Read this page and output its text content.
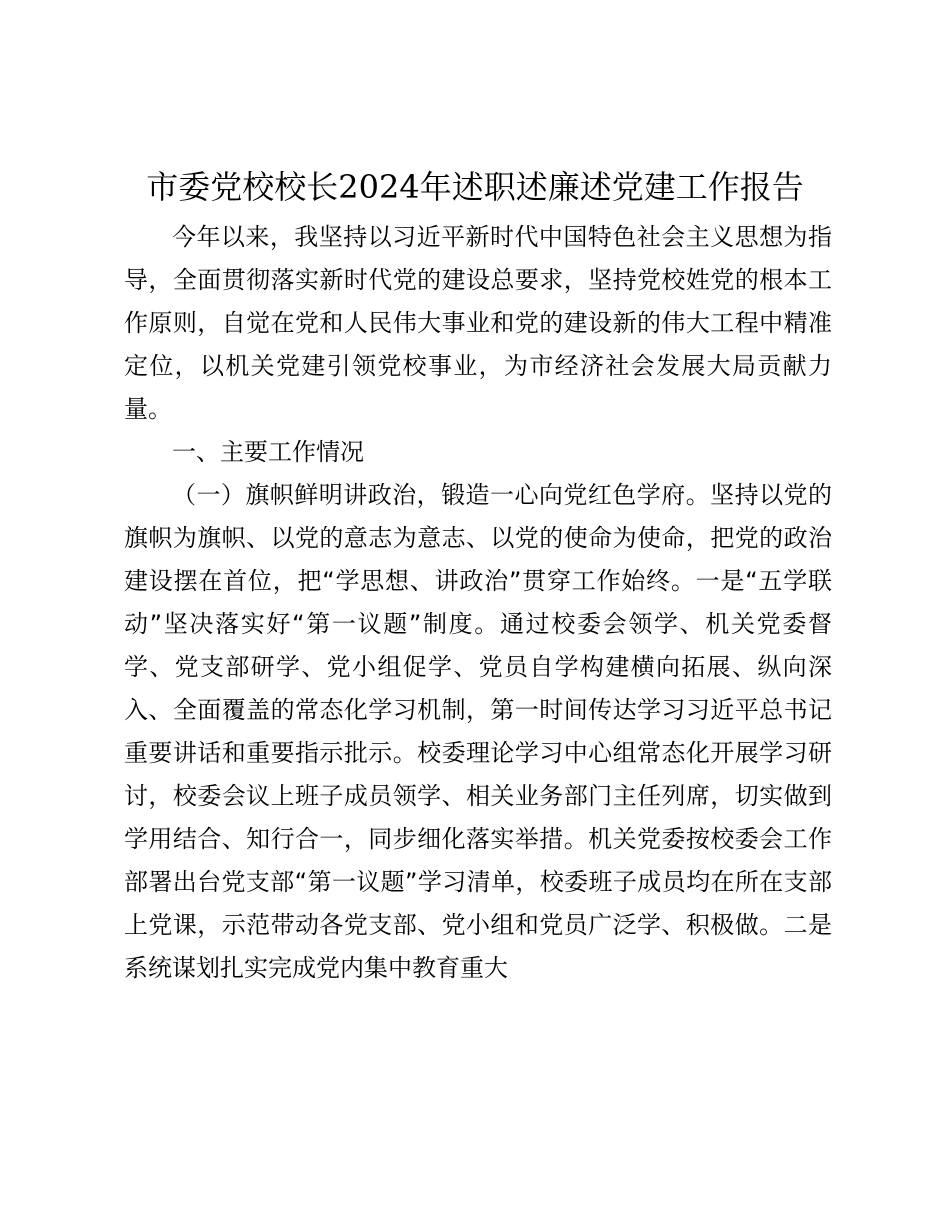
市委党校校长2024年述职述廉述党建工作报告

今年以来，我坚持以习近平新时代中国特色社会主义思想为指导，全面贯彻落实新时代党的建设总要求，坚持党校姓党的根本工作原则，自觉在党和人民伟大事业和党的建设新的伟大工程中精准定位，以机关党建引领党校事业，为市经济社会发展大局贡献力量。

一、主要工作情况

（一）旗帜鲜明讲政治，锻造一心向党红色学府。坚持以党的旗帜为旗帜、以党的意志为意志、以党的使命为使命，把党的政治建设摆在首位，把“学思想、讲政治”贯穿工作始终。一是“五学联动”坚决落实好“第一议题”制度。通过校委会领学、机关党委督学、党支部研学、党小组促学、党员自学构建横向拓展、纵向深入、全面覆盖的常态化学习机制，第一时间传达学习习近平总书记重要讲话和重要指示批示。校委理论学习中心组常态化开展学习研讨，校委会议上班子成员领学、相关业务部门主任列席，切实做到学用结合、知行合一，同步细化落实举措。机关党委按校委会工作部署出台党支部“第一议题”学习清单，校委班子成员均在所在支部上党课，示范带动各党支部、党小组和党员广泛学、积极做。二是系统谋划扎实完成党内集中教育重大
